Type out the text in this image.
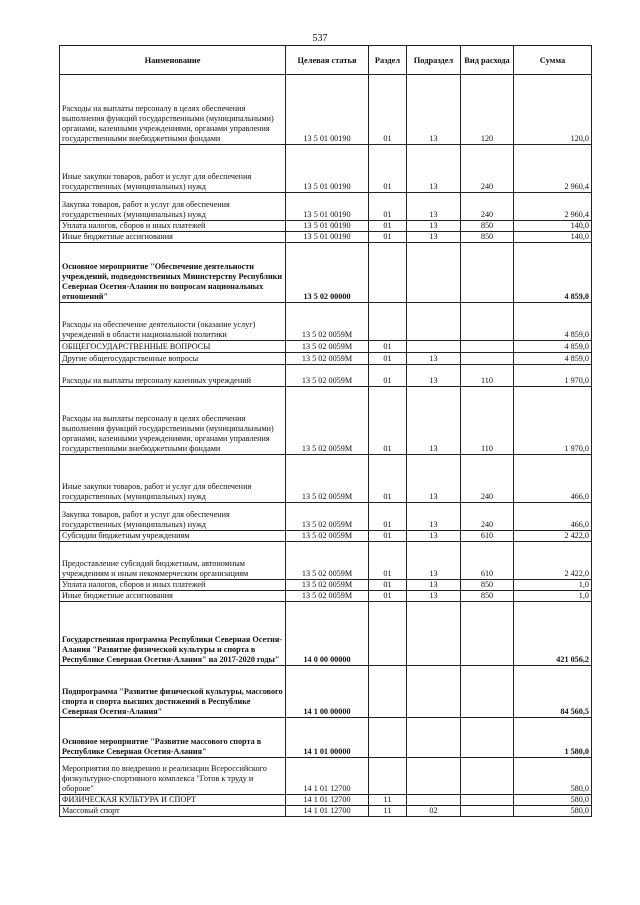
537
Наименование	Целевая статья	Раздел	Подраздел	Вид расхода	Сумма
Расходы на выплаты персоналу в целях обеспечения выполнения функций государственными (муниципальными) органами, казенными учреждениями, органами управления государственными внебюджетными фондами	13 5 01 00190	01	13	120	120,0
Иные закупки товаров, работ и услуг для обеспечения государственных (муниципальных) нужд	13 5 01 00190	01	13	240	2 960,4
Закупка товаров, работ и услуг для обеспечения государственных (муниципальных) нужд	13 5 01 00190	01	13	240	2 960,4
Уплата налогов, сборов и иных платежей	13 5 01 00190	01	13	850	140,0
Иные бюджетные ассигнования	13 5 01 00190	01	13	850	140,0
Основное мероприятие "Обеспечение деятельности учреждений, подведомственных Министерству Республики Северная Осетия-Алания по вопросам национальных отношений"	13 5 02 00000				4 859,0
Расходы на обеспечение деятельности (оказание услуг) учреждений в области национальной политики	13 5 02 0059М				4 859,0
ОБЩЕГОСУДАРСТВЕННЫЕ ВОПРОСЫ	13 5 02 0059М	01			4 859,0
Другие общегосударственные вопросы	13 5 02 0059М	01	13		4 859,0
Расходы на выплаты персоналу казенных учреждений	13 5 02 0059М	01	13	110	1 970,0
Расходы на выплаты персоналу в целях обеспечения выполнения функций государственными (муниципальными) органами, казенными учреждениями, органами управления государственными внебюджетными фондами	13 5 02 0059М	01	13	110	1 970,0
Иные закупки товаров, работ и услуг для обеспечения государственных (муниципальных) нужд	13 5 02 0059М	01	13	240	466,0
Закупка товаров, работ и услуг для обеспечения государственных (муниципальных) нужд	13 5 02 0059М	01	13	240	466,0
Субсидии бюджетным учреждениям	13 5 02 0059М	01	13	610	2 422,0
Предоставление субсидий бюджетным, автономным учреждениям и иным некоммерческим организациям	13 5 02 0059М	01	13	610	2 422,0
Уплата налогов, сборов и иных платежей	13 5 02 0059М	01	13	850	1,0
Иные бюджетные ассигнования	13 5 02 0059М	01	13	850	1,0
Государственная программа Республики Северная Осетия-Алания "Развитие физической культуры и спорта в Республике Северная Осетия-Алания" на 2017-2020 годы"	14 0 00 00000				421 056,2
Подпрограмма "Развитие физической культуры, массового спорта и спорта высших достижений в Республике Северная Осетия-Алания"	14 1 00 00000				84 560,5
Основное мероприятие "Развитие массового спорта в Республике Северная Осетия-Алания"	14 1 01 00000				1 580,0
Мероприятия по внедрению и реализации Всероссийского физкультурно-спортивного комплекса "Готов к труду и обороне"	14 1 01 12700				580,0
ФИЗИЧЕСКАЯ КУЛЬТУРА И СПОРТ	14 1 01 12700	11			580,0
Массовый спорт	14 1 01 12700	11	02		580,0
